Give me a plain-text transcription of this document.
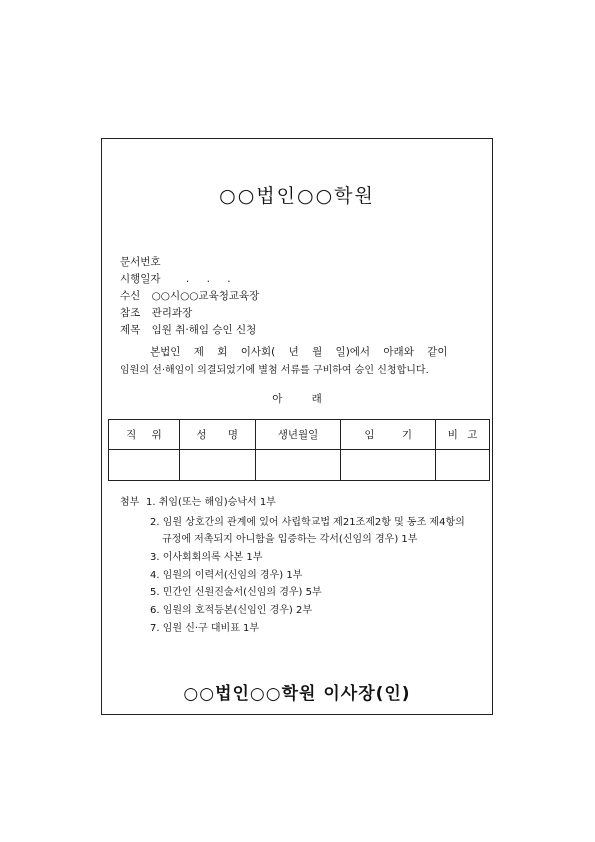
○○법인○○학원
문서번호
시행일자 . . .
수신 ○○시○○교육청교육장
참조 관리과장
제목 임원 취·해임 승인 신청
본법인 제 회 이사회( 년 월 일)에서 아래와 같이
임원의 선·해임이 의결되었기에 별첨 서류를 구비하여 승인 신청합니다.
아 래
직 위	성 명	생년월일	임 기	비 고

첨부 1. 취임(또는 해임)승낙서 1부
2. 임원 상호간의 관계에 있어 사립학교법 제21조제2항 및 동조 제4항의
규정에 저촉되지 아니함을 입증하는 각서(신임의 경우) 1부
3. 이사회회의록 사본 1부
4. 임원의 이력서(신임의 경우) 1부
5. 민간인 신원진술서(신임의 경우) 5부
6. 임원의 호적등본(신임인 경우) 2부
7. 임원 신·구 대비표 1부
○○법인○○학원 이사장(인)
